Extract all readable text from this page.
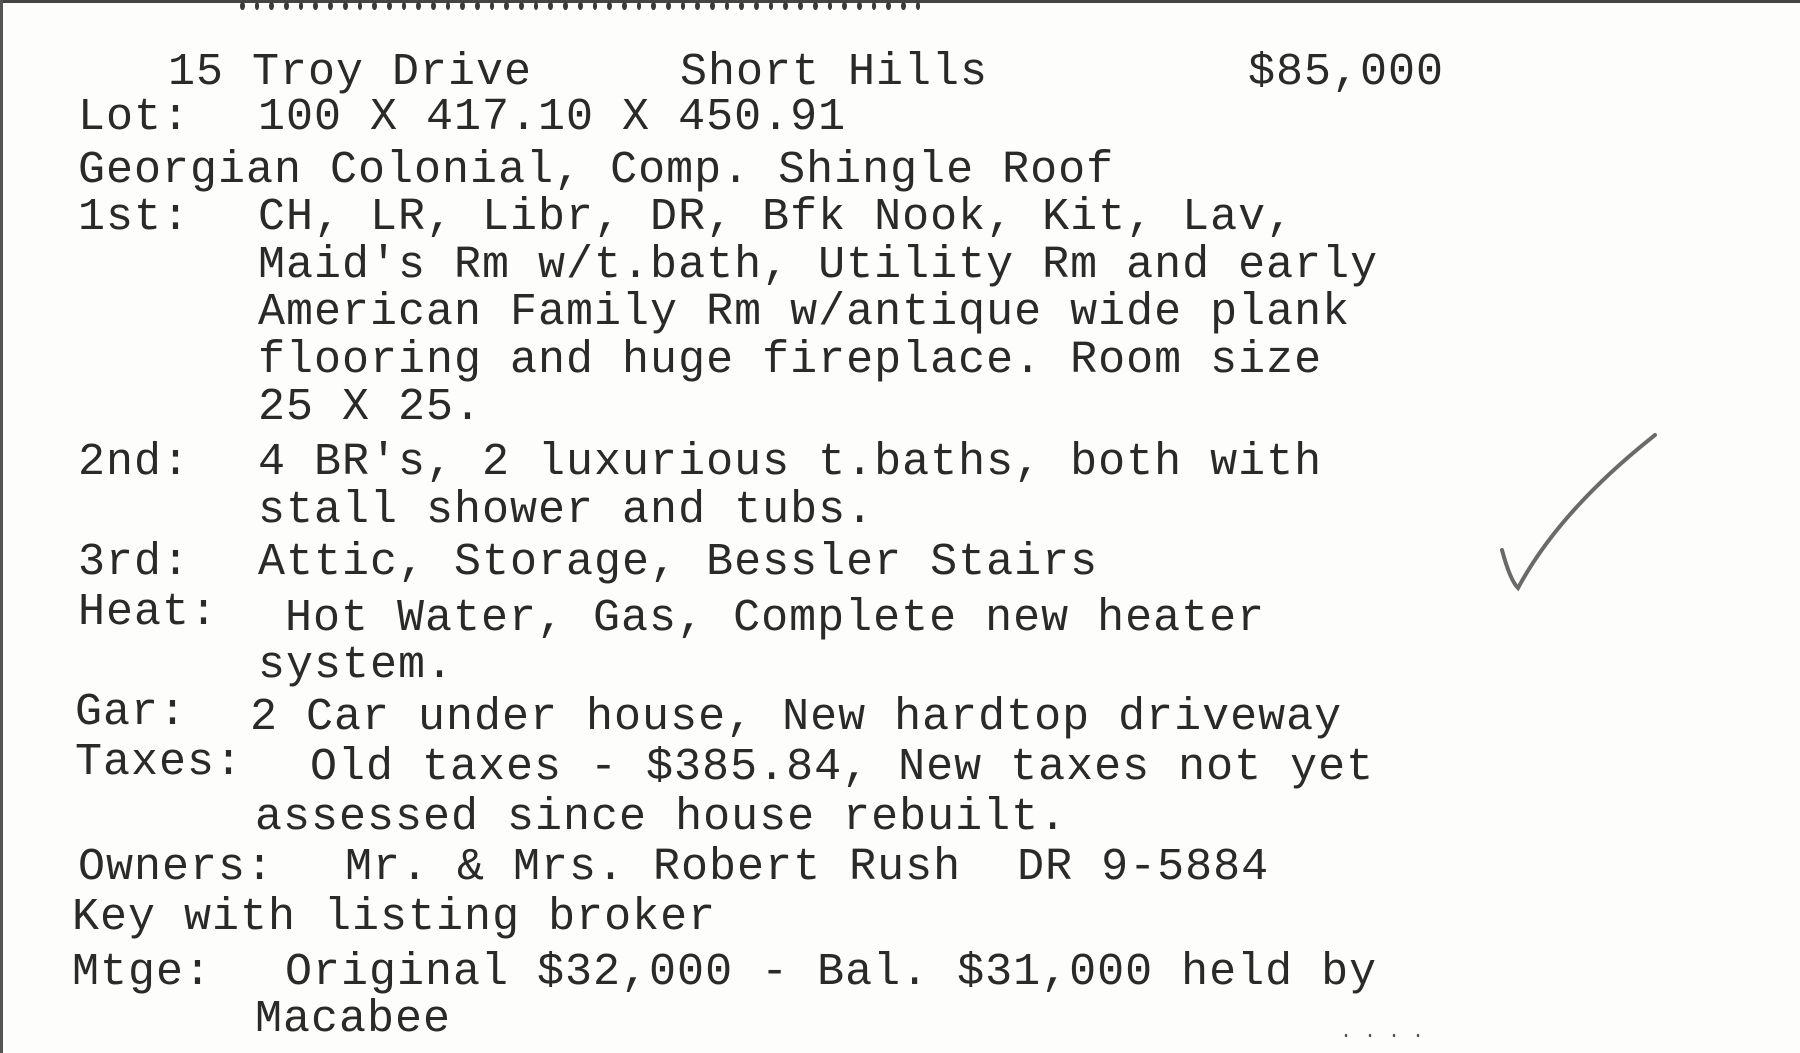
15 Troy Drive	Short Hills	$85,000
Lot: 100 X 417.10 X 450.91
Georgian Colonial, Comp. Shingle Roof
1st: CH, LR, Libr, DR, Bfk Nook, Kit, Lav,
Maid's Rm w/t.bath, Utility Rm and early
American Family Rm w/antique wide plank
flooring and huge fireplace. Room size
25 X 25.
2nd: 4 BR's, 2 luxurious t.baths, both with
stall shower and tubs.
3rd: Attic, Storage, Bessler Stairs
Heat: Hot Water, Gas, Complete new heater
system.
Gar: 2 Car under house, New hardtop driveway
Taxes: Old taxes - $385.84, New taxes not yet
assessed since house rebuilt.
Owners: Mr. & Mrs. Robert Rush  DR 9-5884
Key with listing broker
Mtge: Original $32,000 - Bal. $31,000 held by
Macabee	· · · ·
